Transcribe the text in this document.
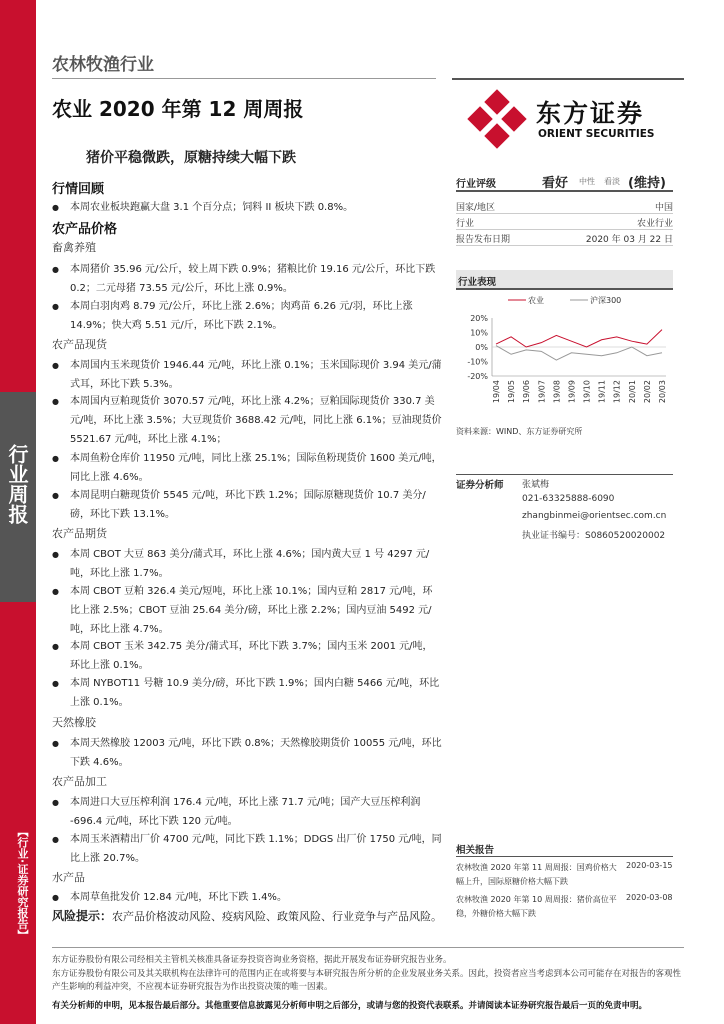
行业周报
【行业·证券研究报告】
农林牧渔行业
农业 2020 年第 12 周周报	东方证券
ORIENT SECURITIES
猪价平稳微跌，原糖持续大幅下跌
行情回顾
● 本周农业板块跑赢大盘 3.1 个百分点；饲料 II 板块下跌 0.8%。
农产品价格
畜禽养殖
● 本周猪价 35.96 元/公斤，较上周下跌 0.9%；猪粮比价 19.16 元/公斤，环比下跌 0.2；二元母猪 73.55 元/公斤，环比上涨 0.9%。
● 本周白羽肉鸡 8.79 元/公斤，环比上涨 2.6%；肉鸡苗 6.26 元/羽，环比上涨 14.9%；快大鸡 5.51 元/斤，环比下跌 2.1%。
农产品现货
● 本周国内玉米现货价 1946.44 元/吨，环比上涨 0.1%；玉米国际现价 3.94 美元/蒲式耳，环比下跌 5.3%。
● 本周国内豆粕现货价 3070.57 元/吨，环比上涨 4.2%；豆粕国际现货价 330.7 美元/吨，环比上涨 3.5%；大豆现货价 3688.42 元/吨，同比上涨 6.1%；豆油现货价 5521.67 元/吨，环比上涨 4.1%；
● 本周鱼粉仓库价 11950 元/吨，同比上涨 25.1%；国际鱼粉现货价 1600 美元/吨，同比上涨 4.6%。
● 本周昆明白糖现货价 5545 元/吨，环比下跌 1.2%；国际原糖现货价 10.7 美分/磅，环比下跌 13.1%。
农产品期货
● 本周 CBOT 大豆 863 美分/蒲式耳，环比上涨 4.6%；国内黄大豆 1 号 4297 元/吨，环比上涨 1.7%。
● 本周 CBOT 豆粕 326.4 美元/短吨，环比上涨 10.1%；国内豆粕 2817 元/吨，环比上涨 2.5%；CBOT 豆油 25.64 美分/磅，环比上涨 2.2%；国内豆油 5492 元/吨，环比上涨 4.7%。
● 本周 CBOT 玉米 342.75 美分/蒲式耳，环比下跌 3.7%；国内玉米 2001 元/吨，环比上涨 0.1%。
● 本周 NYBOT11 号糖 10.9 美分/磅，环比下跌 1.9%；国内白糖 5466 元/吨，环比上涨 0.1%。
天然橡胶
● 本周天然橡胶 12003 元/吨，环比下跌 0.8%；天然橡胶期货价 10055 元/吨，环比下跌 4.6%。
农产品加工
● 本周进口大豆压榨利润 176.4 元/吨，环比上涨 71.7 元/吨；国产大豆压榨利润 -696.4 元/吨，环比下跌 120 元/吨。
● 本周玉米酒精出厂价 4700 元/吨，同比下跌 1.1%；DDGS 出厂价 1750 元/吨，同比上涨 20.7%。
水产品
● 本周草鱼批发价 12.84 元/吨，环比下跌 1.4%。
风险提示：农产品价格波动风险、疫病风险、政策风险、行业竞争与产品风险。
行业评级	看好 中性 看淡 (维持)
国家/地区	中国
行业	农业行业
报告发布日期	2020 年 03 月 22 日
行业表现
农业	沪深300
20%
10%
0%
-10%
-20%
19/04 19/05 19/06 19/07 19/08 19/09 19/10 19/11 19/12 20/01 20/02 20/03
资料来源：WIND、东方证券研究所
证券分析师 张斌梅
021-63325888-6090
zhangbinmei@orientsec.com.cn
执业证书编号：S0860520020002
相关报告
农林牧渔 2020 年第 11 周周报：国鸡价格大幅上升，国际原糖价格大幅下跌
2020-03-15
农林牧渔 2020 年第 10 周周报：猪价高位平稳，外糖价格大幅下跌
2020-03-08
东方证券股份有限公司经相关主管机关核准具备证券投资咨询业务资格，据此开展发布证券研究报告业务。
东方证券股份有限公司及其关联机构在法律许可的范围内正在或将要与本研究报告所分析的企业发展业务关系。因此，投资者应当考虑到本公司可能存在对报告的客观性产生影响的利益冲突，不应视本证券研究报告为作出投资决策的唯一因素。
有关分析师的申明，见本报告最后部分。其他重要信息披露见分析师申明之后部分，或请与您的投资代表联系。并请阅读本证券研究报告最后一页的免责申明。
